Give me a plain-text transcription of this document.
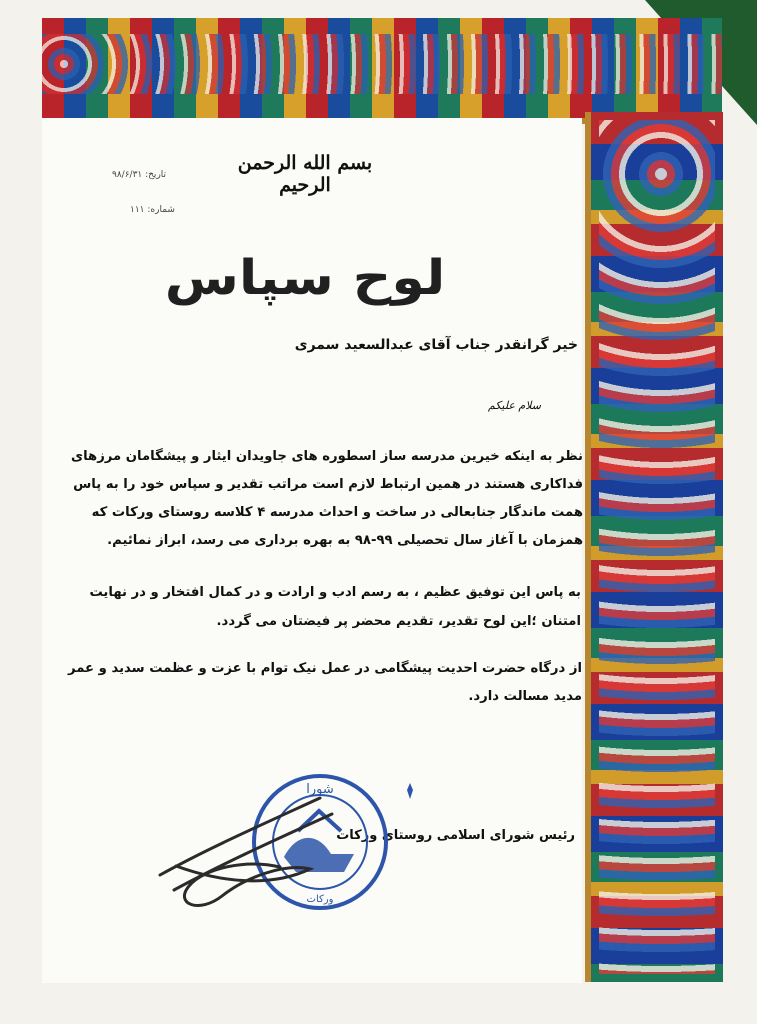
بسم الله الرحمن الرحیم
تاریخ: ۹۸/۶/۳۱
شماره: ۱۱۱
لوح سپاس
خیر گرانقدر جناب آقای عبدالسعید سمری
سلام علیکم
نظر به اینکه خیرین مدرسه ساز اسطوره های جاویدان ایثار و پیشگامان مرزهای فداکاری هستند در همین ارتباط لازم است مراتب تقدیر و سپاس خود را به پاس همت ماندگار جنابعالی در ساخت و احداث مدرسه ۴ کلاسه روستای ورکات که همزمان با آغاز سال تحصیلی ۹۹-۹۸ به بهره برداری می رسد، ابراز نمائیم.
به پاس این توفیق عظیم ، به رسم ادب و ارادت و در کمال افتخار و در نهایت امتنان ؛این لوح تقدیر، تقدیم محضر پر فیضتان می گردد.
از درگاه حضرت احدیت پیشگامی در عمل نیک توام با عزت و عظمت سدید و عمر مدید مسالت دارد.
رئیس شورای اسلامی روستای ورکات
ﺷﻮﺭﺍ
ﻭﺭﮐﺎﺕ
